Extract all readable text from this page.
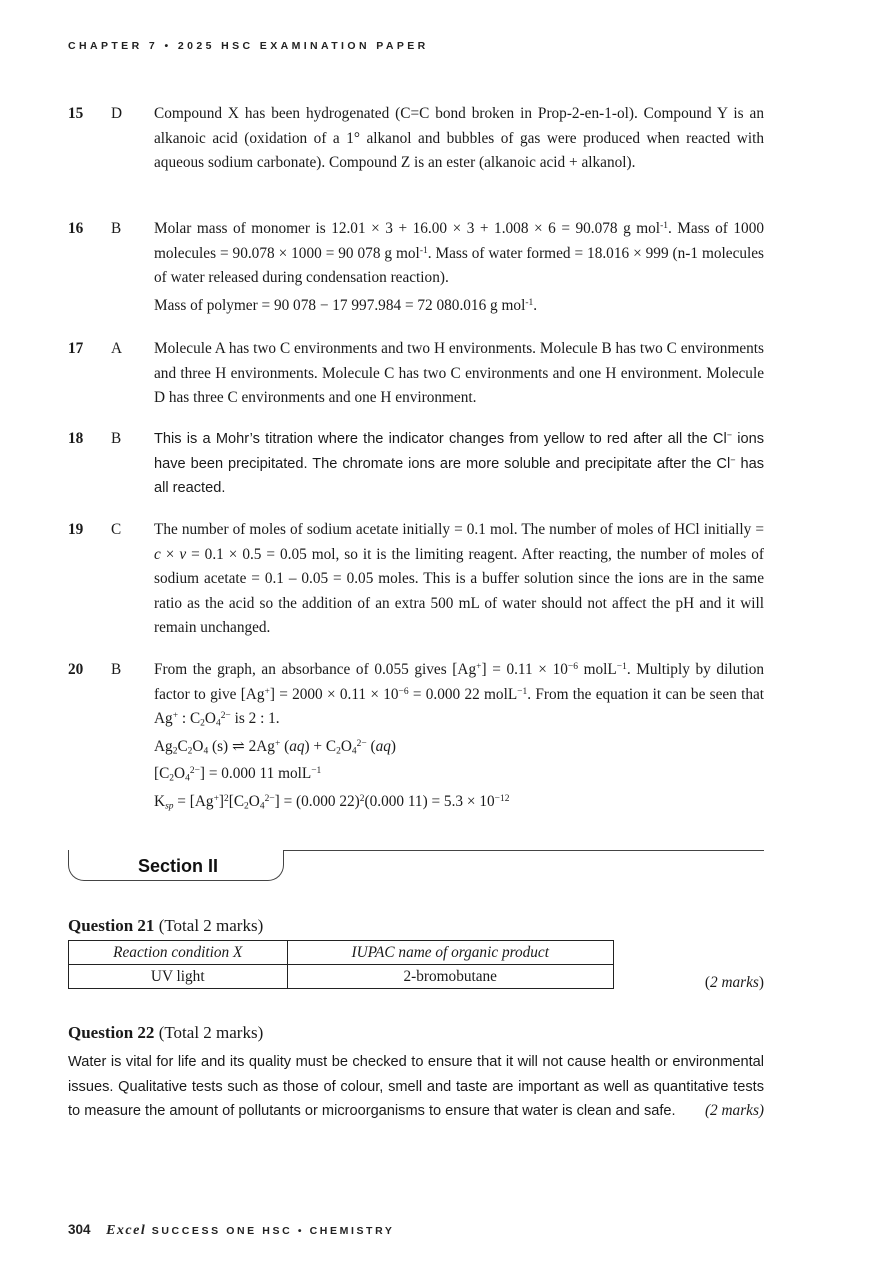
CHAPTER 7 • 2025 HSC EXAMINATION PAPER
15 D Compound X has been hydrogenated (C=C bond broken in Prop-2-en-1-ol). Compound Y is an alkanoic acid (oxidation of a 1° alkanol and bubbles of gas were produced when reacted with aqueous sodium carbonate). Compound Z is an ester (alkanoic acid + alkanol).

16 B Molar mass of monomer is 12.01 × 3 + 16.00 × 3 + 1.008 × 6 = 90.078 g mol$^{-1}$. Mass of 1000 molecules = 90.078 × 1000 = 90 078 g mol$^{-1}$. Mass of water formed = 18.016 × 999 (n-1 molecules of water released during condensation reaction).

Mass of polymer = 90 078 − 17 997.984 = 72 080.016 g mol$^{-1}$.

17 A Molecule A has two C environments and two H environments. Molecule B has two C environments and three H environments. Molecule C has two C environments and one H environment. Molecule D has three C environments and one H environment.

18 B This is a Mohr’s titration where the indicator changes from yellow to red after all the Cl− ions have been precipitated. The chromate ions are more soluble and precipitate after the Cl− has all reacted.

19 C The number of moles of sodium acetate initially = 0.1 mol. The number of moles of HCl initially = c × v = 0.1 × 0.5 = 0.05 mol, so it is the limiting reagent. After reacting, the number of moles of sodium acetate = 0.1 – 0.05 = 0.05 moles. This is a buffer solution since the ions are in the same ratio as the acid so the addition of an extra 500 mL of water should not affect the pH and it will remain unchanged.

20 B From the graph, an absorbance of 0.055 gives $[Ag^+] = 0.11 \times 10^{-6}$ molL$^{-1}$. Multiply by dilution factor to give $[Ag^+] = 2000 \times 0.11 \times 10^{-6} = 0.000$ 22 molL$^{-1}$. From the equation it can be seen that Ag+ : $C_2O_4^{2-}$ is 2 : 1.

$Ag_2C_2O_4$ (s) ⇌ 2Ag+ $(aq) + C_2O_4^{2-}$ (aq)

$[C_2O_4^{2-}] = 0.000$ 11 molL$^{-1}$

$K_{sp} = [Ag^+]^2[C_2O_4^{2-}] = (0.000$ 22)$^2$(0.000 $11) = 5.3 \times 10^{-12}$

Section II
Question 21 (Total 2 marks)
Reaction condition X	IUPAC name of organic product
UV light	2-bromobutane	(2 marks)
Question 22 (Total 2 marks)
Water is vital for life and its quality must be checked to ensure that it will not cause health or environmental issues. Qualitative tests such as those of colour, smell and taste are important as well as quantitative tests to measure the amount of pollutants or microorganisms to ensure that water is clean and safe. (2 marks)
304 Excel SUCCESS ONE HSC • CHEMISTRY
